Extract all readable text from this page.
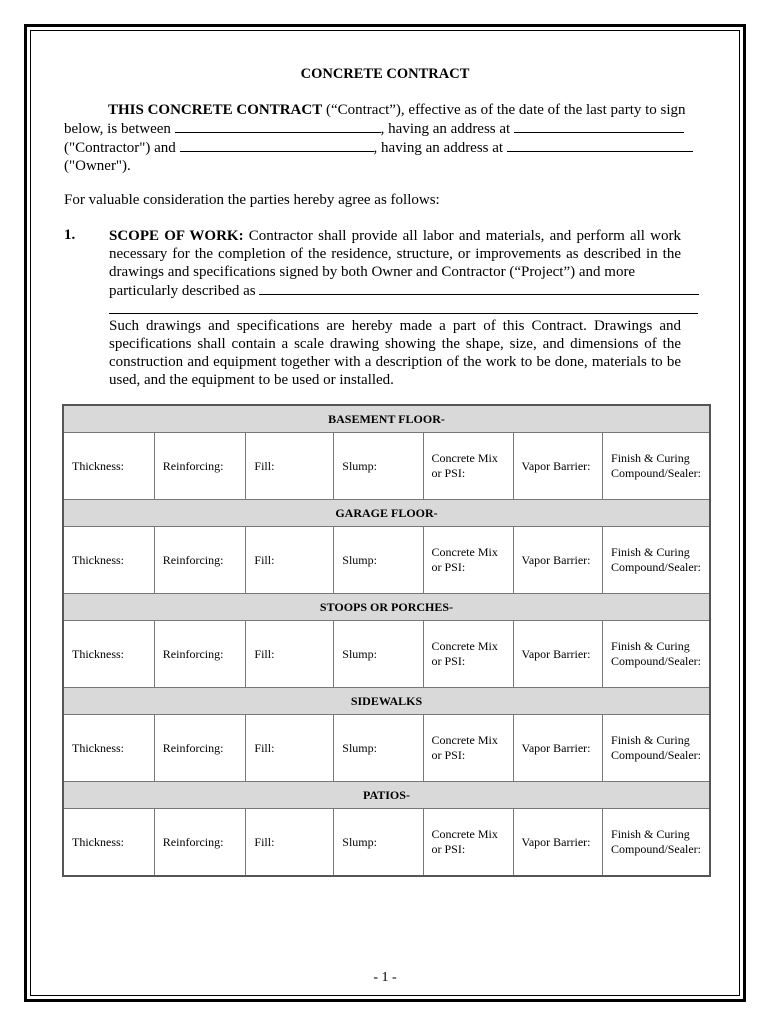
CONCRETE CONTRACT
THIS CONCRETE CONTRACT (“Contract”), effective as of the date of the last party to sign
below, is between	, having an address at
("Contractor") and	, having an address at
("Owner").
For valuable consideration the parties hereby agree as follows:
1. SCOPE OF WORK: Contractor shall provide all labor and materials, and perform all work necessary for the completion of the residence, structure, or improvements as described in the drawings and specifications signed by both Owner and Contractor (“Project”) and more
particularly described as
Such drawings and specifications are hereby made a part of this Contract. Drawings and specifications shall contain a scale drawing showing the shape, size, and dimensions of the construction and equipment together with a description of the work to be done, materials to be used, and the equipment to be used or installed.
BASEMENT FLOOR-						
Thickness:	Reinforcing:	Fill:	Slump:	Concrete Mix or PSI:	Vapor Barrier:	Finish & Curing Compound/Sealer:
GARAGE FLOOR-						
Thickness:	Reinforcing:	Fill:	Slump:	Concrete Mix or PSI:	Vapor Barrier:	Finish & Curing Compound/Sealer:
STOOPS OR PORCHES-						
Thickness:	Reinforcing:	Fill:	Slump:	Concrete Mix or PSI:	Vapor Barrier:	Finish & Curing Compound/Sealer:
SIDEWALKS						
Thickness:	Reinforcing:	Fill:	Slump:	Concrete Mix or PSI:	Vapor Barrier:	Finish & Curing Compound/Sealer:
PATIOS-						
Thickness:	Reinforcing:	Fill:	Slump:	Concrete Mix or PSI:	Vapor Barrier:	Finish & Curing Compound/Sealer:
- 1 -
